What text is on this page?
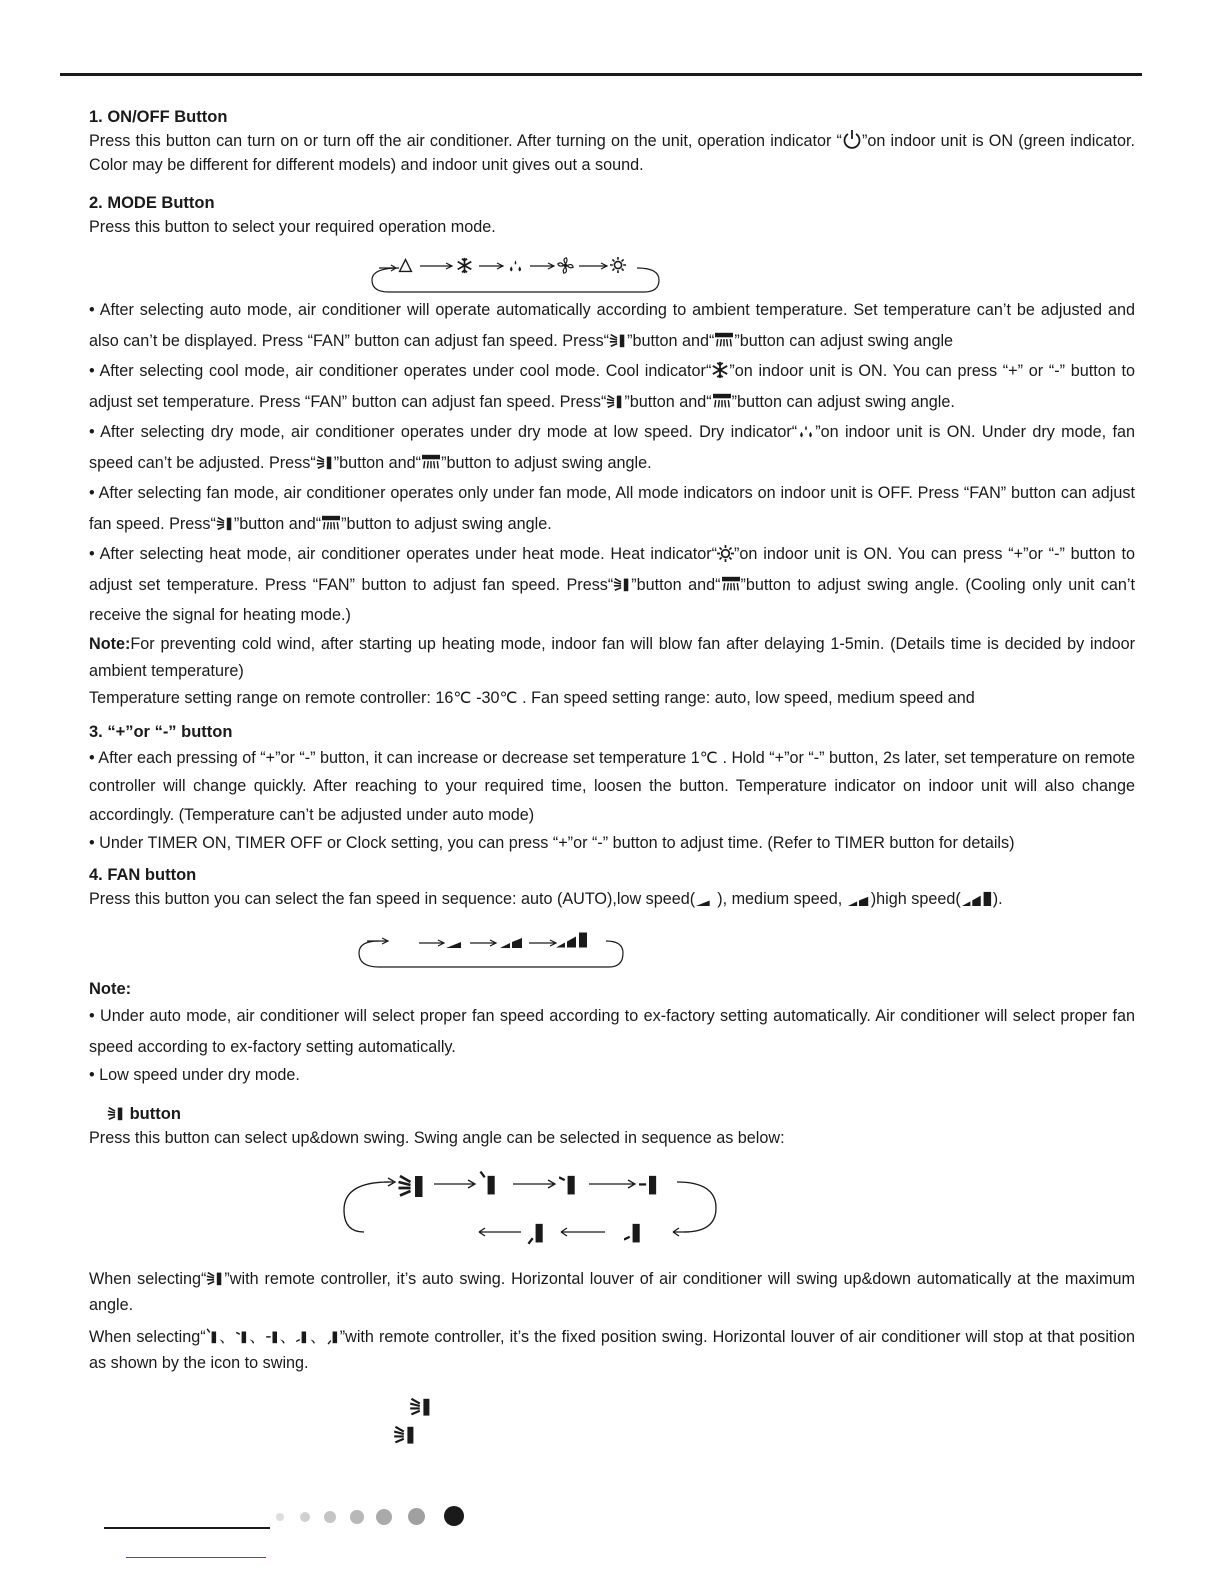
1. ON/OFF Button

Press this button can turn on or turn off the air conditioner. After turning on the unit, operation indicator “ ”on indoor unit is ON (green indicator. Color may be different for different models) and indoor unit gives out a sound.

2. MODE Button

Press this button to select your required operation mode.

• After selecting auto mode, air conditioner will operate automatically according to ambient temperature. Set temperature can’t be adjusted and also can’t be displayed. Press “FAN” button can adjust fan speed. Press“ ”button and“ ”button can adjust swing angle

• After selecting cool mode, air conditioner operates under cool mode. Cool indicator“ ”on indoor unit is ON. You can press “+” or “-” button to adjust set temperature. Press “FAN” button can adjust fan speed. Press“ ”button and“ ”button can adjust swing angle.

• After selecting dry mode, air conditioner operates under dry mode at low speed. Dry indicator“ ”on indoor unit is ON. Under dry mode, fan speed can’t be adjusted. Press“ ”button and“ ”button to adjust swing angle.

• After selecting fan mode, air conditioner operates only under fan mode, All mode indicators on indoor unit is OFF. Press “FAN” button can adjust fan speed. Press“ ”button and“ ”button to adjust swing angle.

• After selecting heat mode, air conditioner operates under heat mode. Heat indicator“ ”on indoor unit is ON. You can press “+”or “-” button to adjust set temperature. Press “FAN” button to adjust fan speed. Press“ ”button and“ ”button to adjust swing angle. (Cooling only unit can’t receive the signal for heating mode.)

Note:For preventing cold wind, after starting up heating mode, indoor fan will blow fan after delaying 1-5min. (Details time is decided by indoor ambient temperature)

Temperature setting range on remote controller: 16℃ -30℃ . Fan speed setting range: auto, low speed, medium speed and

3. “+”or “-” button

• After each pressing of “+”or “-” button, it can increase or decrease set temperature 1℃ . Hold “+”or “-” button, 2s later, set temperature on remote controller will change quickly. After reaching to your required time, loosen the button. Temperature indicator on indoor unit will also change accordingly. (Temperature can’t be adjusted under auto mode)

• Under TIMER ON, TIMER OFF or Clock setting, you can press “+”or “-” button to adjust time. (Refer to TIMER button for details)

4. FAN button

Press this button you can select the fan speed in sequence: auto (AUTO),low speed( ), medium speed, )high speed( ).

Note:

• Under auto mode, air conditioner will select proper fan speed according to ex-factory setting automatically. Air conditioner will select proper fan speed according to ex-factory setting automatically.

• Low speed under dry mode.

button

Press this button can select up&down swing. Swing angle can be selected in sequence as below:

When selecting“ ”with remote controller, it’s auto swing. Horizontal louver of air conditioner will swing up&down automatically at the maximum angle.

When selecting“ 、 、 、 、 ”with remote controller, it’s the fixed position swing. Horizontal louver of air conditioner will stop at that position as shown by the icon to swing.
